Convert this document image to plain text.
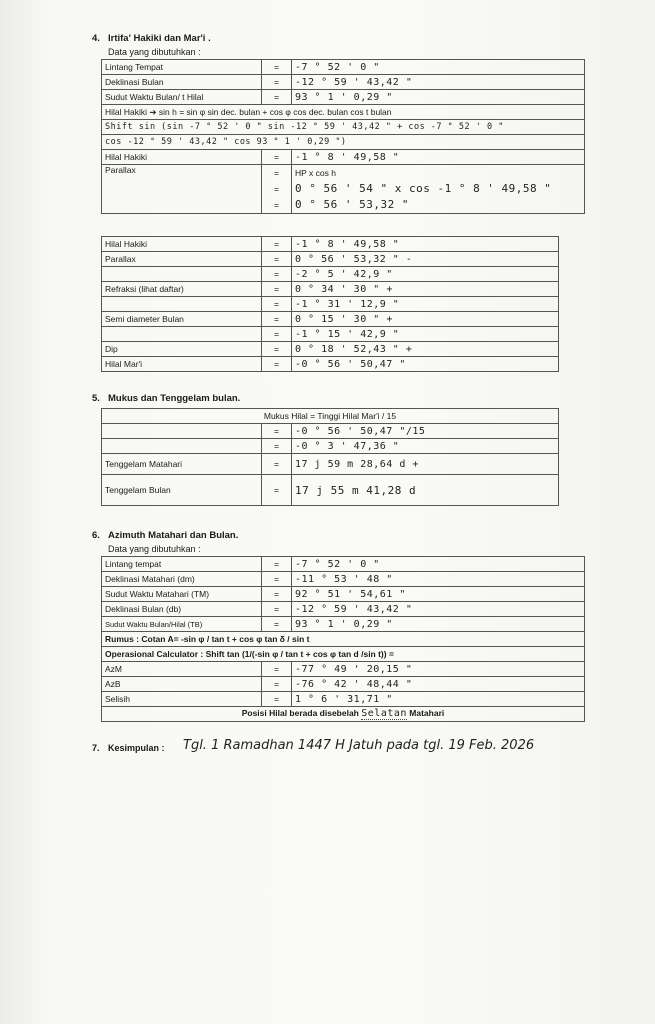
4. Irtifa' Hakiki dan Mar'i .
Data yang dibutuhkan :
Lintang Tempat	=	-7 ° 52 ' 0 "
Deklinasi Bulan	=	-12 ° 59 ' 43,42 "
Sudut Waktu Bulan/ t Hilal	=	93 ° 1 ' 0,29 "
Hilal Hakiki ➔ sin h = sin φ sin dec. bulan + cos φ cos dec. bulan cos t bulan		
Shift sin (sin -7 ° 52 ' 0 " sin -12 ° 59 ' 43,42 " + cos -7 ° 52 ' 0 "		
cos -12 ° 59 ' 43,42 " cos 93 ° 1 ' 0,29 ")		
Hilal Hakiki	=	-1 ° 8 ' 49,58 "
Parallax	=	HP x cos h
	=	0 ° 56 ' 54 " x cos -1 ° 8 ' 49,58 "
	=	0 ° 56 ' 53,32 "
Hilal Hakiki	=	-1 ° 8 ' 49,58 "
Parallax	=	0 ° 56 ' 53,32 " -
	=	-2 ° 5 ' 42,9 "
Refraksi (lihat daftar)	=	0 ° 34 ' 30 " +
	=	-1 ° 31 ' 12,9 "
Semi diameter Bulan	=	0 ° 15 ' 30 " +
	=	-1 ° 15 ' 42,9 "
Dip	=	0 ° 18 ' 52,43 " +
Hilal Mar'i	=	-0 ° 56 ' 50,47 "
5. Mukus dan Tenggelam bulan.
Mukus Hilal = Tinggi Hilal Mar'i / 15		
	=	-0 ° 56 ' 50,47 "/15
	=	-0 ° 3 ' 47,36 "
Tenggelam Matahari	=	17 j 59 m 28,64 d +
Tenggelam Bulan	=	17 j 55 m 41,28 d
6. Azimuth Matahari dan Bulan.
Data yang dibutuhkan :
Lintang tempat	=	-7 ° 52 ' 0 "
Deklinasi Matahari (dm)	=	-11 ° 53 ' 48 "
Sudut Waktu Matahari (TM)	=	92 ° 51 ' 54,61 "
Deklinasi Bulan (db)	=	-12 ° 59 ' 43,42 "
Sudut Waktu Bulan/Hilal (TB)	=	93 ° 1 ' 0,29 "
Rumus : Cotan A= -sin φ / tan t + cos φ tan δ / sin t		
Operasional Calculator : Shift tan (1/(-sin φ / tan t + cos φ tan d /sin t)) =		
AzM	=	-77 ° 49 ' 20,15 "
AzB	=	-76 ° 42 ' 48,44 "
Selisih	=	1 ° 6 ' 31,71 "
Posisi Hilal berada disebelah Selatan Matahari		
7. Kesimpulan : Tgl. 1 Ramadhan 1447 H Jatuh pada tgl. 19 Feb. 2026
